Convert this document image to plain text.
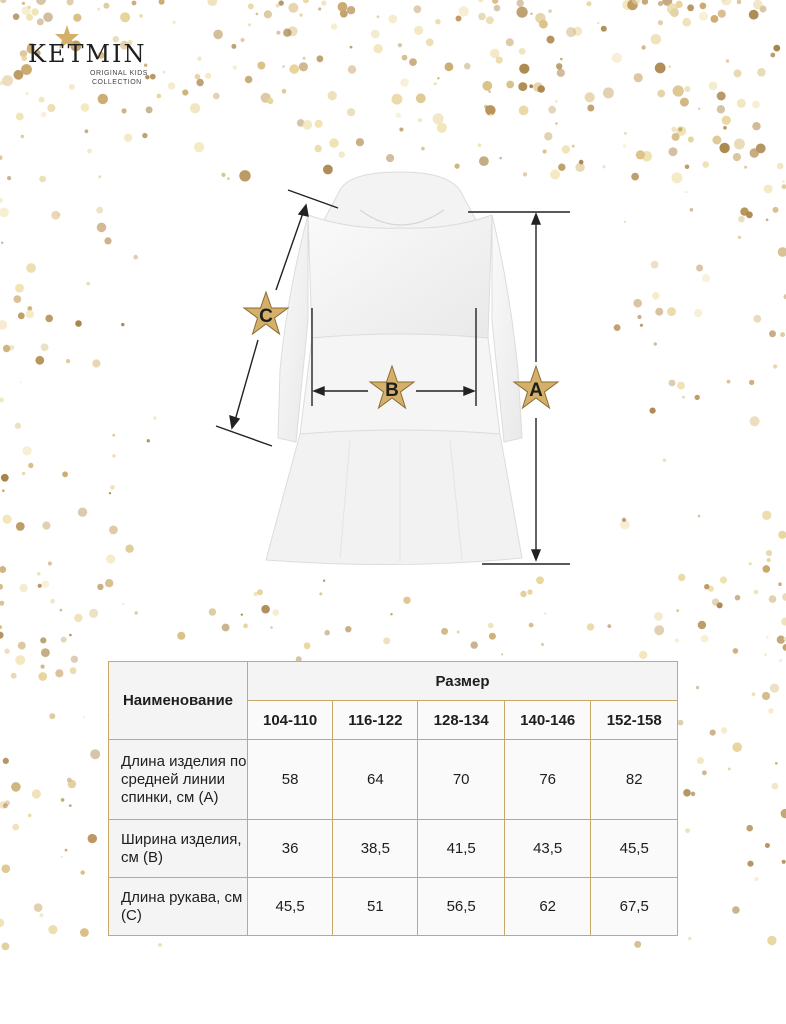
KETMIN
ORIGINAL KIDS
COLLECTION
A
B
C
Наименование	Размер				
	104-110	116-122	128-134	140-146	152-158
Длина изделия по средней линии спинки, см (А)	58	64	70	76	82
Ширина изделия, см (В)	36	38,5	41,5	43,5	45,5
Длина рукава, см (С)	45,5	51	56,5	62	67,5
